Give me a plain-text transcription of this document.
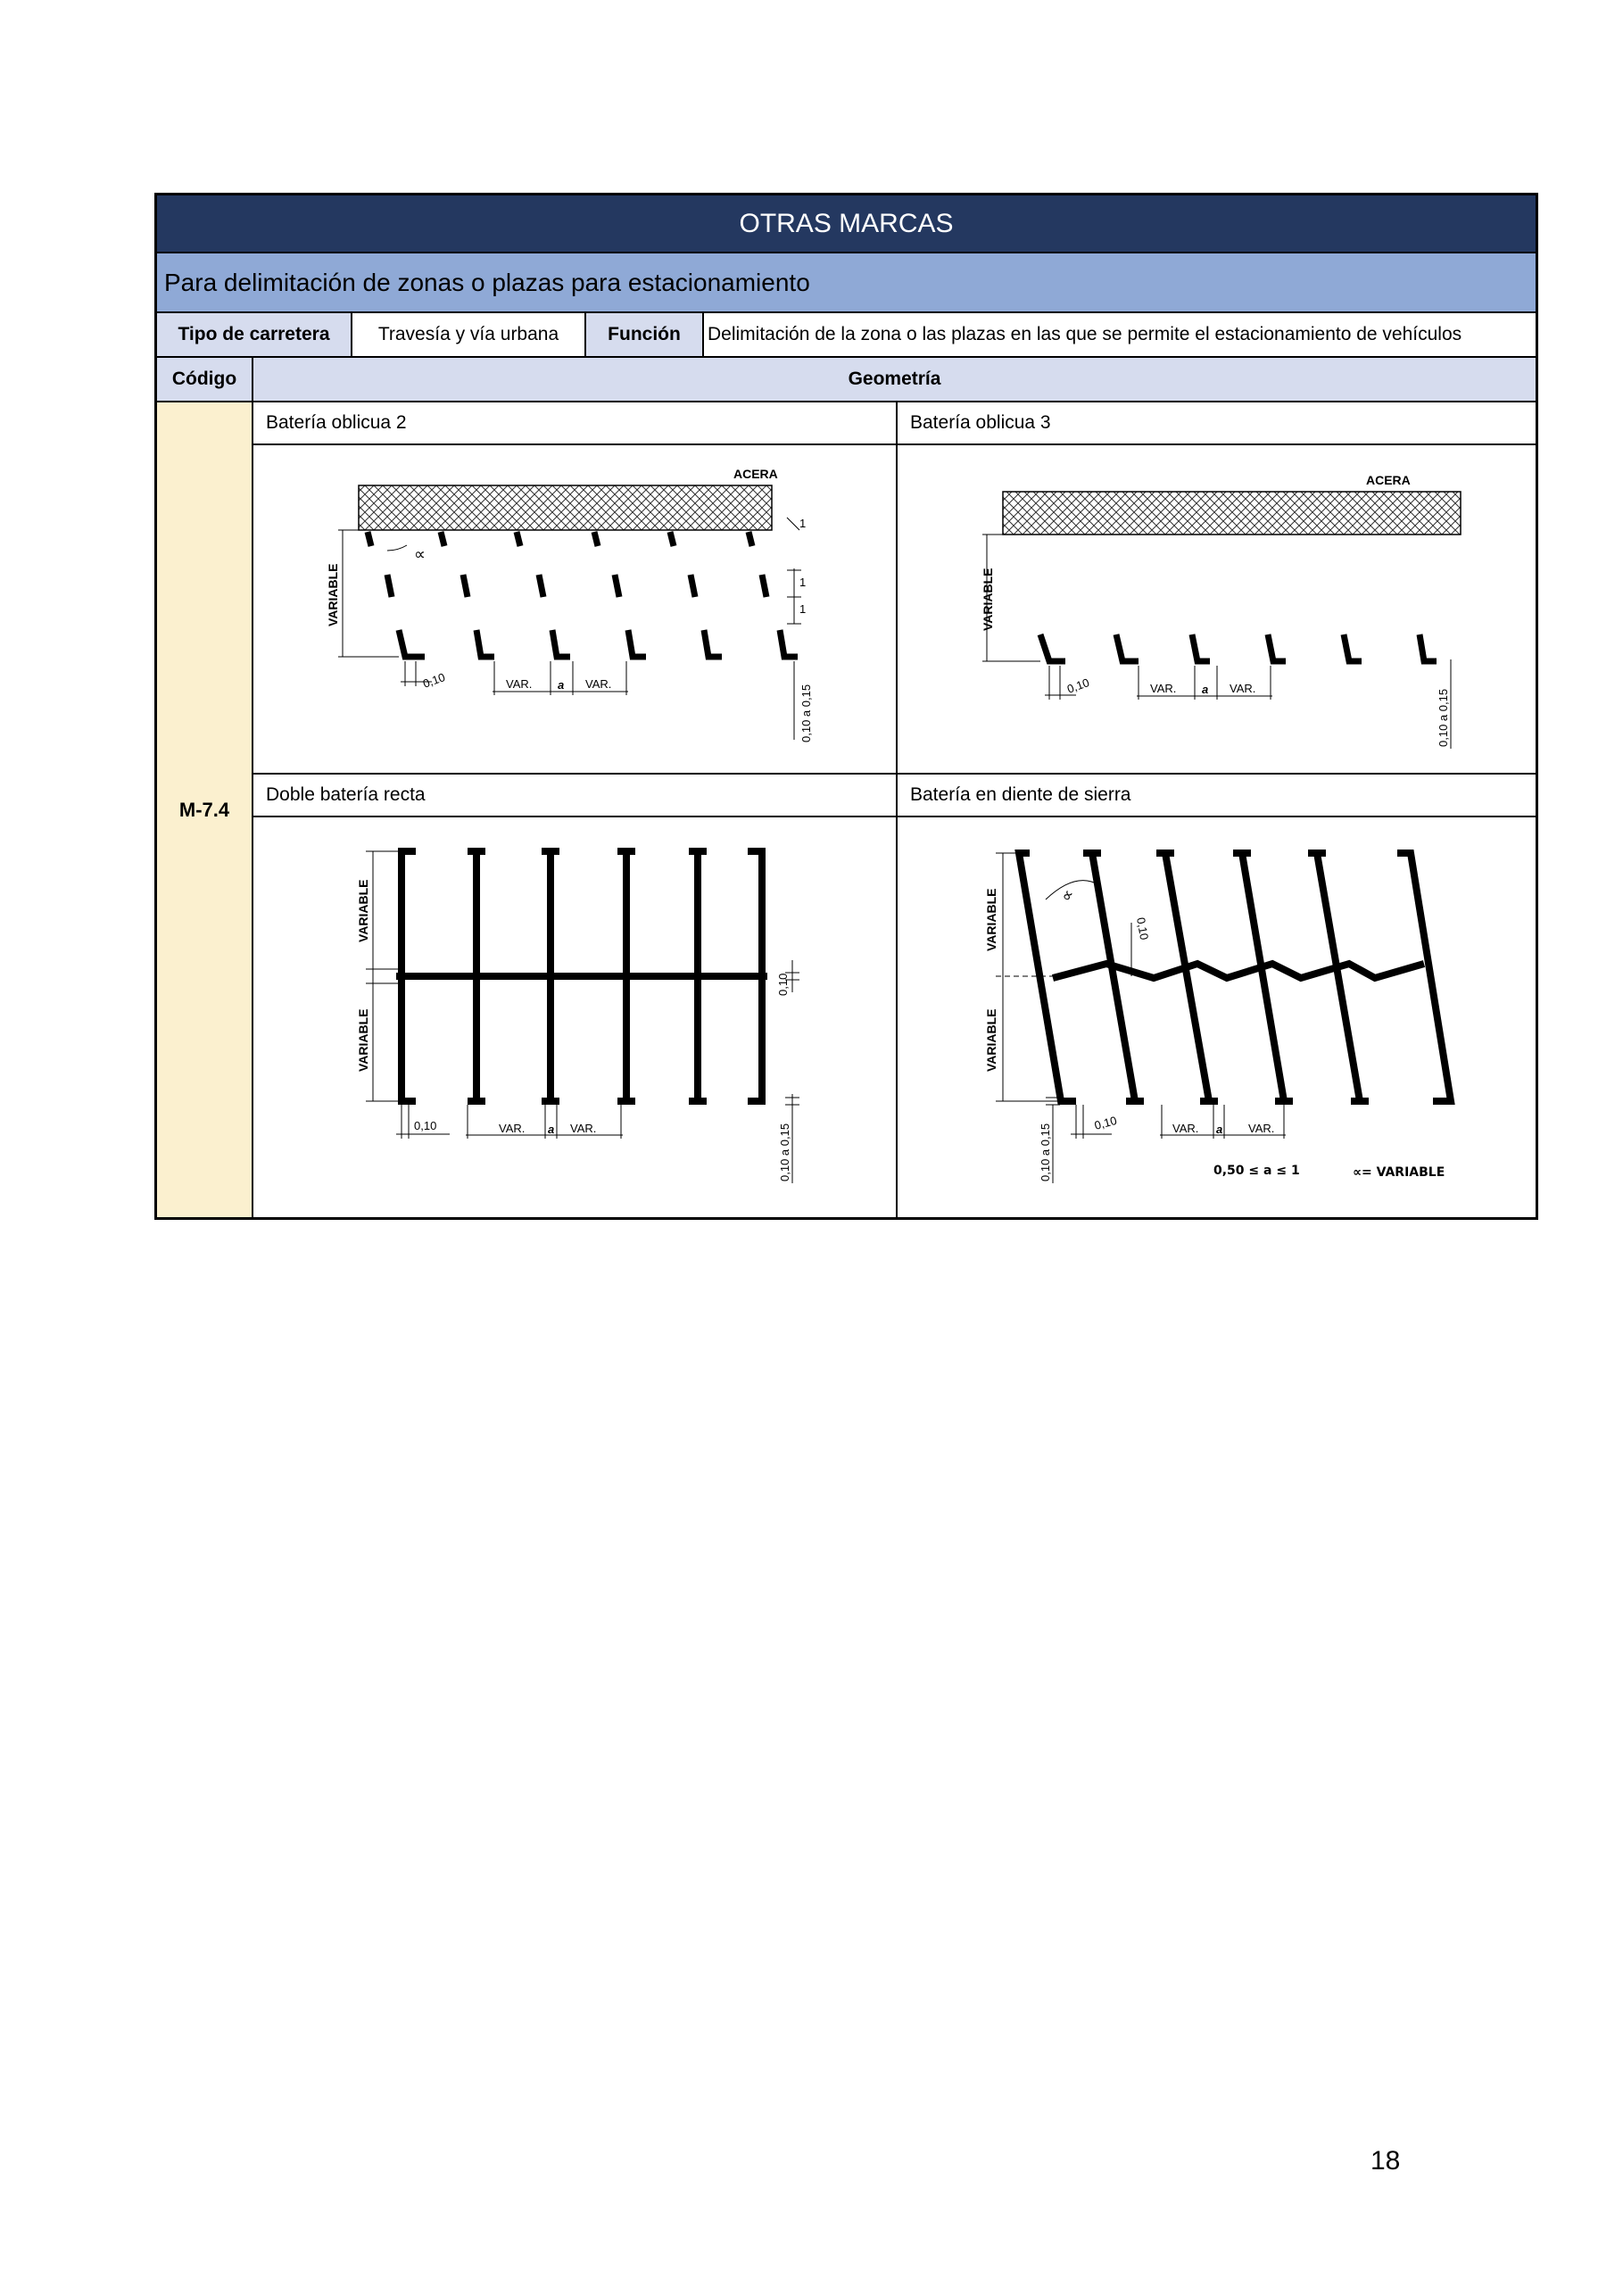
OTRAS MARCAS
Para delimitación de zonas o plazas para estacionamiento
Tipo de carretera	Travesía y vía urbana	Función	Delimitación de la zona o las plazas en las que se permite el estacionamiento de vehículos
Código	Geometría
M-7.4
Batería oblicua 2	Batería oblicua 3
ACERA
VARIABLE
∝
1
1
1
0,10	VAR. a VAR.
0,10 a 0,15
ACERA
VARIABLE
0,10	VAR. a VAR.
0,10 a 0,15
Doble batería recta	Batería en diente de sierra
VARIABLE
VARIABLE
0,10	VAR. a VAR.
0,10
0,10 a 0,15
VARIABLE
VARIABLE
∝
0,10
0,10 a 0,15
0,10	VAR. a VAR.
0,50 ≤ a ≤ 1	∝= VARIABLE
18
